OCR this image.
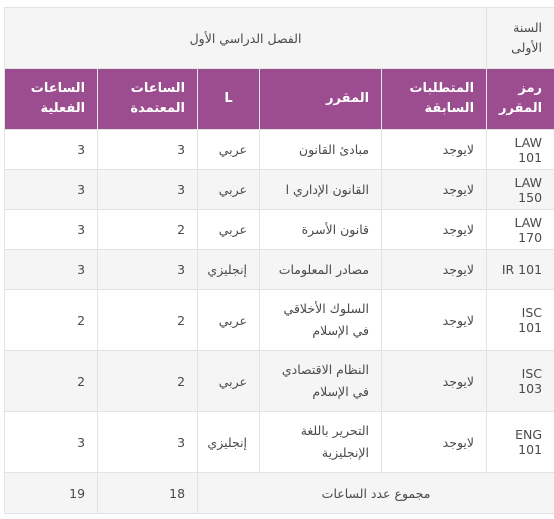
السنة الأولى	الفصل الدراسي الأول				
رمز المقرر	المتطلبات السابقة	المقرر	L	الساعات المعتمدة	الساعات الفعلية
LAW 101	لايوجد	مبادئ القانون	عربي	3	3
LAW 150	لايوجد	القانون الإداري ا	عربي	3	3
LAW 170	لايوجد	قانون الأسرة	عربي	2	3
IR 101	لايوجد	مصادر المعلومات	إنجليزي	3	3
ISC 101	لايوجد	السلوك الأخلاقي في الإسلام	عربي	2	2
ISC 103	لايوجد	النظام الاقتصادي في الإسلام	عربي	2	2
ENG 101	لايوجد	التحرير باللغة الإنجليزية	إنجليزي	3	3
مجموع عدد الساعات				18	19
